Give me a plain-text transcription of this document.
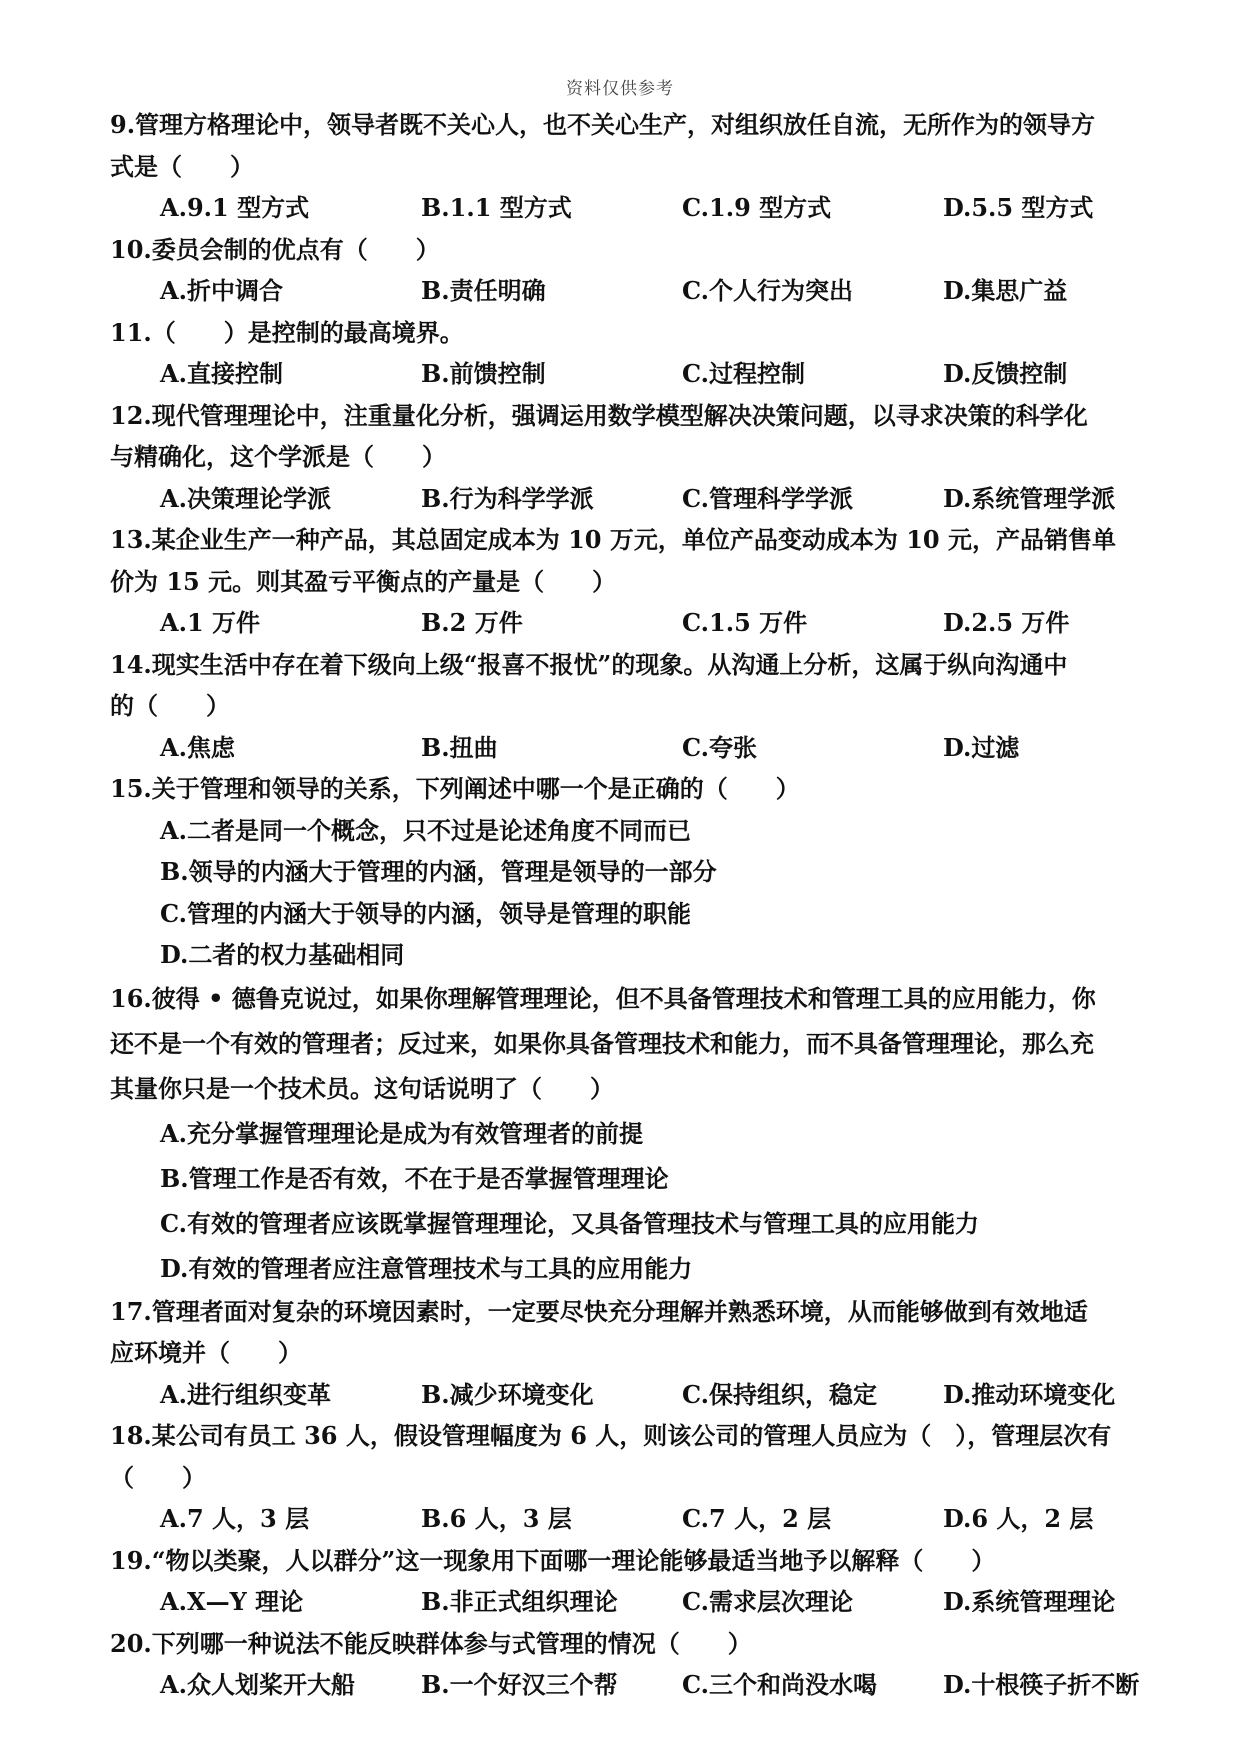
资料仅供参考
9.管理方格理论中，领导者既不关心人，也不关心生产，对组织放任自流，无所作为的领导方
式是（　　）
A.9.1 型方式	B.1.1 型方式	C.1.9 型方式	D.5.5 型方式
10.委员会制的优点有（　　）
A.折中调合	B.责任明确	C.个人行为突出	D.集思广益
11.（　　）是控制的最高境界。
A.直接控制	B.前馈控制	C.过程控制	D.反馈控制
12.现代管理理论中，注重量化分析，强调运用数学模型解决决策问题，以寻求决策的科学化
与精确化，这个学派是（　　）
A.决策理论学派	B.行为科学学派	C.管理科学学派	D.系统管理学派
13.某企业生产一种产品，其总固定成本为 10 万元，单位产品变动成本为 10 元，产品销售单
价为 15 元。则其盈亏平衡点的产量是（　　）
A.1 万件	B.2 万件	C.1.5 万件	D.2.5 万件
14.现实生活中存在着下级向上级“报喜不报忧”的现象。从沟通上分析，这属于纵向沟通中
的（　　）
A.焦虑	B.扭曲	C.夸张	D.过滤
15.关于管理和领导的关系，下列阐述中哪一个是正确的（　　）
A.二者是同一个概念，只不过是论述角度不同而已
B.领导的内涵大于管理的内涵，管理是领导的一部分
C.管理的内涵大于领导的内涵，领导是管理的职能
D.二者的权力基础相同
16.彼得 • 德鲁克说过，如果你理解管理理论，但不具备管理技术和管理工具的应用能力，你
还不是一个有效的管理者；反过来，如果你具备管理技术和能力，而不具备管理理论，那么充
其量你只是一个技术员。这句话说明了（　　）
A.充分掌握管理理论是成为有效管理者的前提
B.管理工作是否有效，不在于是否掌握管理理论
C.有效的管理者应该既掌握管理理论，又具备管理技术与管理工具的应用能力
D.有效的管理者应注意管理技术与工具的应用能力
17.管理者面对复杂的环境因素时，一定要尽快充分理解并熟悉环境，从而能够做到有效地适
应环境并（　　）
A.进行组织变革	B.减少环境变化	C.保持组织，稳定	D.推动环境变化
18.某公司有员工 36 人，假设管理幅度为 6 人，则该公司的管理人员应为（　），管理层次有
（　　）
A.7 人，3 层	B.6 人，3 层	C.7 人，2 层	D.6 人，2 层
19.“物以类聚，人以群分”这一现象用下面哪一理论能够最适当地予以解释（　　）
A.X—Y 理论	B.非正式组织理论	C.需求层次理论	D.系统管理理论
20.下列哪一种说法不能反映群体参与式管理的情况（　　）
A.众人划桨开大船	B.一个好汉三个帮	C.三个和尚没水喝	D.十根筷子折不断
